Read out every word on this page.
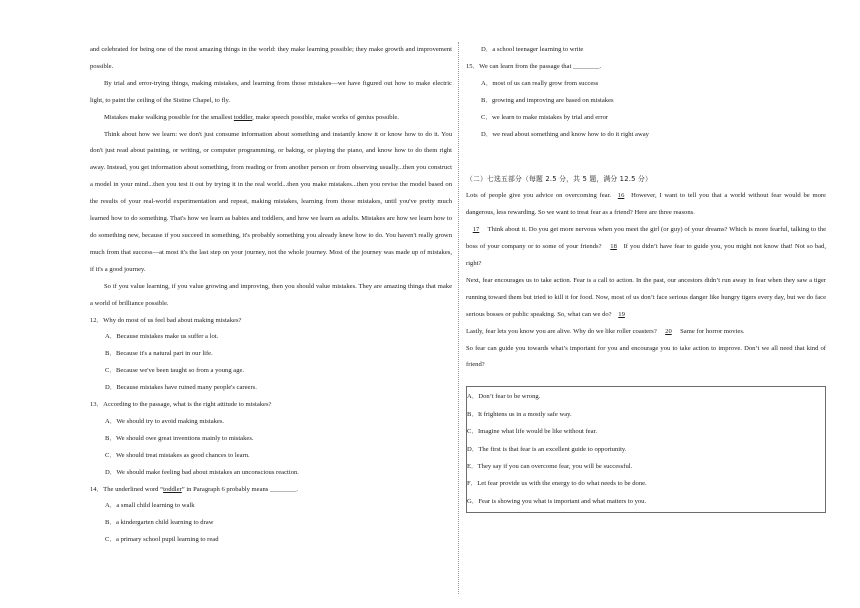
and celebrated for being one of the most amazing things in the world: they make learning possible; they make growth and improvement possible.

By trial and error-trying things, making mistakes, and learning from those mistakes—we have figured out how to make electric light, to paint the ceiling of the Sistine Chapel, to fly.

Mistakes make walking possible for the smallest toddler, make speech possible, make works of genius possible.

Think about how we learn: we don't just consume information about something and instantly know it or know how to do it. You don't just read about painting, or writing, or computer programming, or baking, or playing the piano, and know how to do them right away. Instead, you get information about something, from reading or from another person or from observing usually...then you construct a model in your mind...then you test it out by trying it in the real world...then you make mistakes...then you revise the model based on the results of your real-world experimentation and repeat, making mistakes, learning from those mistakes, until you've pretty much learned how to do something. That's how we learn as babies and toddlers, and how we learn as adults. Mistakes are how we learn how to do something new, because if you succeed in something, it's probably something you already knew how to do. You haven't really grown much from that success—at most it's the last step on your journey, not the whole journey. Most of the journey was made up of mistakes, if it's a good journey.

So if you value learning, if you value growing and improving, then you should value mistakes. They are amazing things that make a world of brilliance possible.

12．Why do most of us feel bad about making mistakes?

A．Because mistakes make us suffer a lot.

B．Because it's a natural part in our life.

C．Because we've been taught so from a young age.

D．Because mistakes have ruined many people's careers.

13．According to the passage, what is the right attitude to mistakes?

A．We should try to avoid making mistakes.

B．We should owe great inventions mainly to mistakes.

C．We should treat mistakes as good chances to learn.

D．We should make feeling bad about mistakes an unconscious reaction.

14．The underlined word “toddler” in Paragraph 6 probably means ________.

A．a small child learning to walk

B．a kindergarten child learning to draw

C．a primary school pupil learning to read

D．a school teenager learning to write

15．We can learn from the passage that ________.

A．most of us can really grow from success

B．growing and improving are based on mistakes

C．we learn to make mistakes by trial and error

D．we read about something and know how to do it right away

（二）七选五部分（每题 2.5 分，共 5 题，满分 12.5 分）

Lots of people give you advice on overcoming fear. 16 However, I want to tell you that a world without fear would be more dangerous, less rewarding. So we want to treat fear as a friend? Here are three reasons.

17 Think about it. Do you get more nervous when you meet the girl (or guy) of your dreams? Which is more fearful, talking to the boss of your company or to some of your friends? 18 If you didn’t have fear to guide you, you might not know that! Not so bad, right?

Next, fear encourages us to take action. Fear is a call to action. In the past, our ancestors didn’t run away in fear when they saw a tiger running toward them but tried to kill it for food. Now, most of us don’t face serious danger like hungry tigers every day, but we do face serious bosses or public speaking. So, what can we do? 19

Lastly, fear lets you know you are alive. Why do we like roller coasters? 20 Same for horror movies.

So fear can guide you towards what’s important for you and encourage you to take action to improve. Don’t we all need that kind of friend?

A．Don’t fear to be wrong.

B．It frightens us in a mostly safe way.

C．Imagine what life would be like without fear.

D．The first is that fear is an excellent guide to opportunity.

E．They say if you can overcome fear, you will be successful.

F．Let fear provide us with the energy to do what needs to be done.

G．Fear is showing you what is important and what matters to you.
